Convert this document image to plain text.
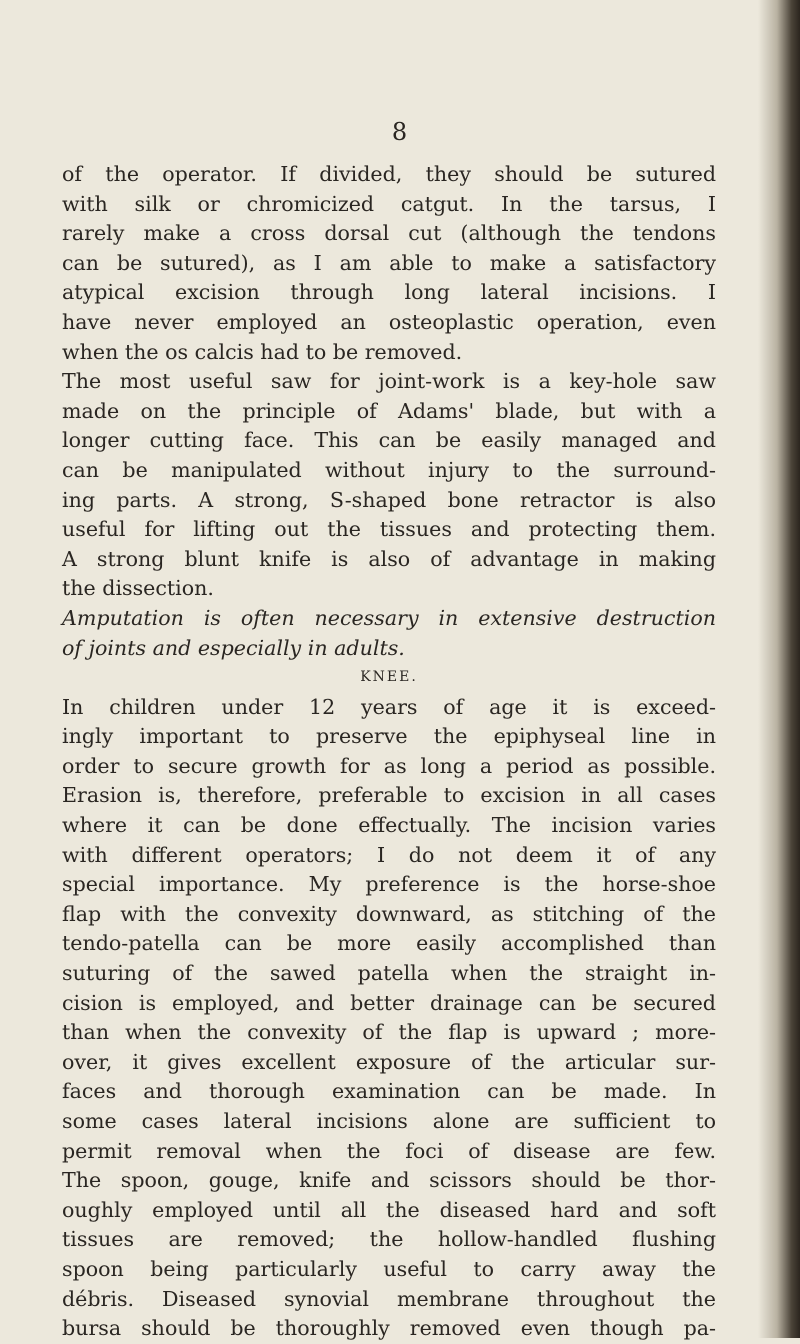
8
of the operator. If divided, they should be sutured
with silk or chromicized catgut. In the tarsus, I
rarely make a cross dorsal cut (although the tendons
can be sutured), as I am able to make a satisfactory
atypical excision through long lateral incisions. I
have never employed an osteoplastic operation, even
when the os calcis had to be removed.
The most useful saw for joint-work is a key-hole saw
made on the principle of Adams' blade, but with a
longer cutting face. This can be easily managed and
can be manipulated without injury to the surround-
ing parts. A strong, S-shaped bone retractor is also
useful for lifting out the tissues and protecting them.
A strong blunt knife is also of advantage in making
the dissection.
Amputation is often necessary in extensive destruction
of joints and especially in adults.
KNEE.
In children under 12 years of age it is exceed-
ingly important to preserve the epiphyseal line in
order to secure growth for as long a period as possible.
Erasion is, therefore, preferable to excision in all cases
where it can be done effectually. The incision varies
with different operators; I do not deem it of any
special importance. My preference is the horse-shoe
flap with the convexity downward, as stitching of the
tendo-patella can be more easily accomplished than
suturing of the sawed patella when the straight in-
cision is employed, and better drainage can be secured
than when the convexity of the flap is upward ; more-
over, it gives excellent exposure of the articular sur-
faces and thorough examination can be made. In
some cases lateral incisions alone are sufficient to
permit removal when the foci of disease are few.
The spoon, gouge, knife and scissors should be thor-
oughly employed until all the diseased hard and soft
tissues are removed; the hollow-handled flushing
spoon being particularly useful to carry away the
débris. Diseased synovial membrane throughout the
bursa should be thoroughly removed even though pa-
